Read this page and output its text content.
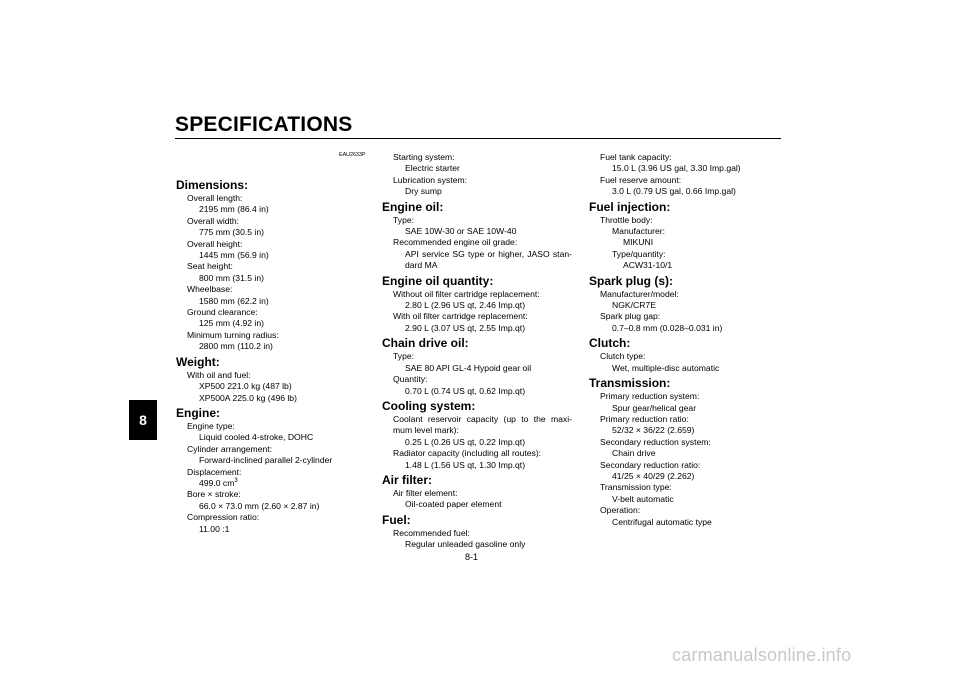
SPECIFICATIONS
8
EAU2633P
Dimensions:
Overall length:
2195 mm (86.4 in)
Overall width:
775 mm (30.5 in)
Overall height:
1445 mm (56.9 in)
Seat height:
800 mm (31.5 in)
Wheelbase:
1580 mm (62.2 in)
Ground clearance:
125 mm (4.92 in)
Minimum turning radius:
2800 mm (110.2 in)
Weight:
With oil and fuel:
XP500 221.0 kg (487 lb)
XP500A 225.0 kg (496 lb)
Engine:
Engine type:
Liquid cooled 4-stroke, DOHC
Cylinder arrangement:
Forward-inclined parallel 2-cylinder
Displacement:
499.0 $cm^3$
Bore × stroke:
66.0 × 73.0 mm (2.60 × 2.87 in)
Compression ratio:
11.00 :1
Starting system:
Electric starter
Lubrication system:
Dry sump
Engine oil:
Type:
SAE 10W-30 or SAE 10W-40
Recommended engine oil grade:
API service SG type or higher, JASO stan-
dard MA
Engine oil quantity:
Without oil filter cartridge replacement:
2.80 L (2.96 US qt, 2.46 Imp.qt)
With oil filter cartridge replacement:
2.90 L (3.07 US qt, 2.55 Imp.qt)
Chain drive oil:
Type:
SAE 80 API GL-4 Hypoid gear oil
Quantity:
0.70 L (0.74 US qt, 0.62 Imp.qt)
Cooling system:
Coolant reservoir capacity (up to the maxi-
mum level mark):
0.25 L (0.26 US qt, 0.22 Imp.qt)
Radiator capacity (including all routes):
1.48 L (1.56 US qt, 1.30 Imp.qt)
Air filter:
Air filter element:
Oil-coated paper element
Fuel:
Recommended fuel:
Regular unleaded gasoline only
Fuel tank capacity:
15.0 L (3.96 US gal, 3.30 Imp.gal)
Fuel reserve amount:
3.0 L (0.79 US gal, 0.66 Imp.gal)
Fuel injection:
Throttle body:
Manufacturer:
MIKUNI
Type/quantity:
ACW31-10/1
Spark plug (s):
Manufacturer/model:
NGK/CR7E
Spark plug gap:
0.7–0.8 mm (0.028–0.031 in)
Clutch:
Clutch type:
Wet, multiple-disc automatic
Transmission:
Primary reduction system:
Spur gear/helical gear
Primary reduction ratio:
52/32 × 36/22 (2.659)
Secondary reduction system:
Chain drive
Secondary reduction ratio:
41/25 × 40/29 (2.262)
Transmission type:
V-belt automatic
Operation:
Centrifugal automatic type
8-1
carmanualsonline.info
